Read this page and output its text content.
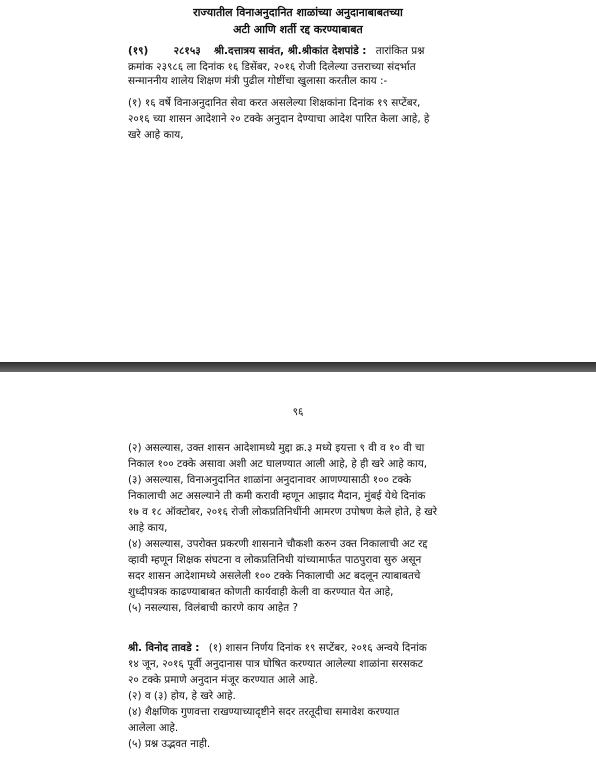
राज्यातील विनाअनुदानित शाळांच्या अनुदानाबाबतच्या
अटी आणि शर्ती रद्द करण्याबाबत
(१९) २८१५३ श्री.दत्तात्रय सावंत, श्री.श्रीकांत देशपांडे : तारांकित प्रश्न
क्रमांक २३९८६ ला दिनांक १६ डिसेंबर, २०१६ रोजी दिलेल्या उत्तराच्या संदर्भात
सन्माननीय शालेय शिक्षण मंत्री पुढील गोष्टींचा खुलासा करतील काय :-
(१) १६ वर्षे विनाअनुदानित सेवा करत असलेल्या शिक्षकांना दिनांक १९ सप्टेंबर,
२०१६ च्या शासन आदेशाने २० टक्के अनुदान देण्याचा आदेश पारित केला आहे, हे
खरे आहे काय,
९६
(२) असल्यास, उक्त शासन आदेशामध्ये मुद्दा क्र.३ मध्ये इयत्ता ९ वी व १० वी चा
निकाल १०० टक्के असावा अशी अट घालण्यात आली आहे, हे ही खरे आहे काय,
(३) असल्यास, विनाअनुदानित शाळांना अनुदानावर आणण्यासाठी १०० टक्के
निकालाची अट असल्याने ती कमी करावी म्हणून आझाद मैदान, मुंबई येथे दिनांक
१७ व १८ ऑक्टोबर, २०१६ रोजी लोकप्रतिनिधींनी आमरण उपोषण केले होते, हे खरे
आहे काय,
(४) असल्यास, उपरोक्त प्रकरणी शासनाने चौकशी करुन उक्त निकालाची अट रद्द
व्हावी म्हणून शिक्षक संघटना व लोकप्रतिनिधी यांच्यामार्फत पाठपुरावा सुरु असून
सदर शासन आदेशामध्ये असलेली १०० टक्के निकालाची अट बदलून त्याबाबतचे
शुध्दीपत्रक काढण्याबाबत कोणती कार्यवाही केली वा करण्यात येत आहे,
(५) नसल्यास, विलंबाची कारणे काय आहेत ?
श्री. विनोद तावडे : (१) शासन निर्णय दिनांक १९ सप्टेंबर, २०१६ अन्वये दिनांक
१४ जून, २०१६ पूर्वी अनुदानास पात्र घोषित करण्यात आलेल्या शाळांना सरसकट
२० टक्के प्रमाणे अनुदान मंजूर करण्यात आले आहे.
(२) व (३) होय, हे खरे आहे.
(४) शैक्षणिक गुणवत्ता राखण्याच्यादृष्टीने सदर तरतूदीचा समावेश करण्यात
आलेला आहे.
(५) प्रश्न उद्भवत नाही.
